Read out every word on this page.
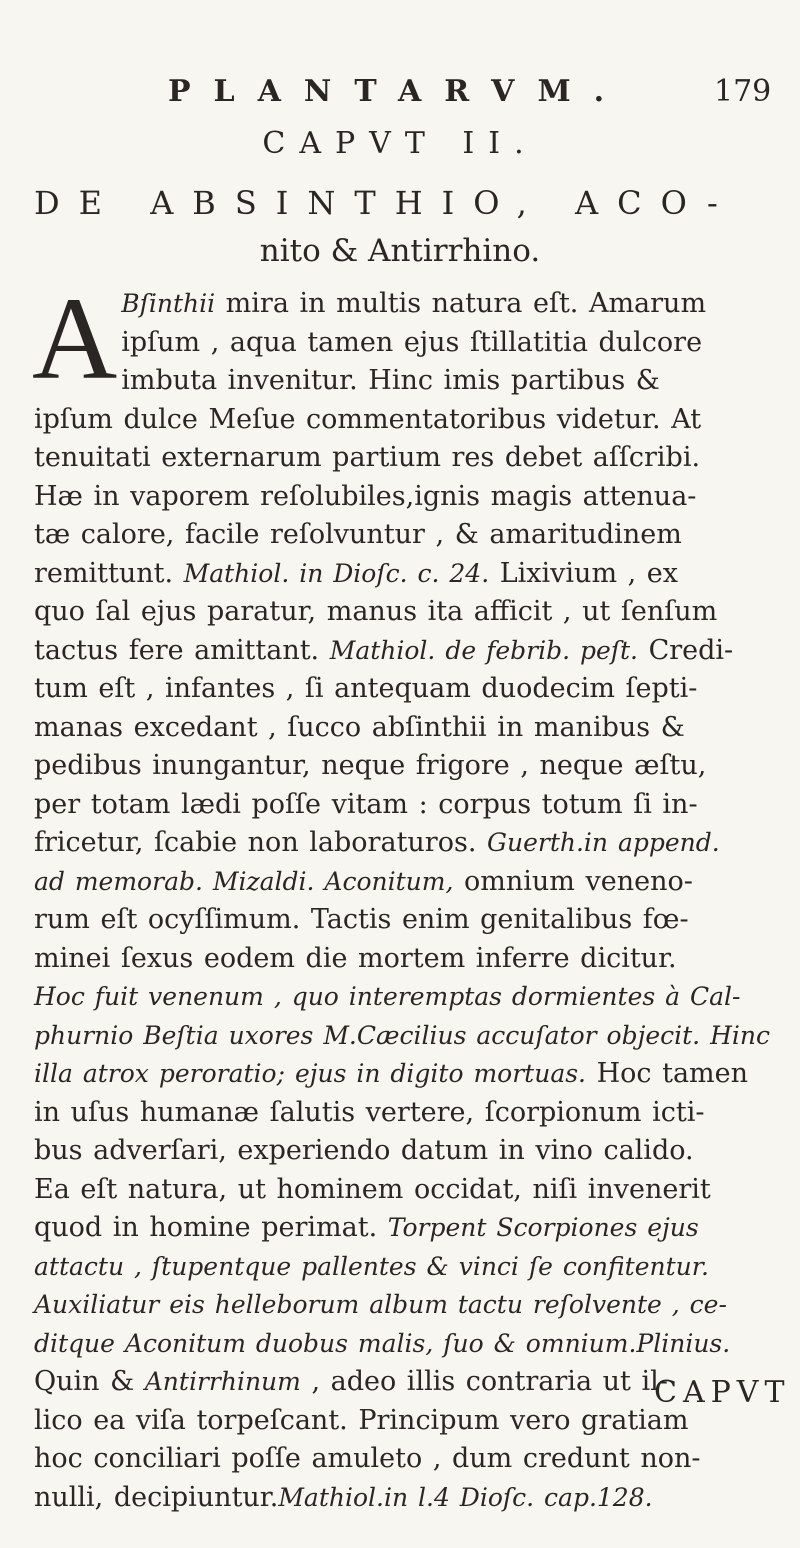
PLANTARVM.	179
CAPVT II.
DE ABSINTHIO, ACO-
nito & Antirrhino.
A Bſinthii mira in multis natura eſt. Amarum
ipſum , aqua tamen ejus ſtillatitia dulcore
imbuta invenitur. Hinc imis partibus &
ipſum dulce Meſue commentatoribus videtur. At
tenuitati externarum partium res debet aſſcribi.
Hæ in vaporem reſolubiles,ignis magis attenua-
tæ calore, facile reſolvuntur , & amaritudinem
remittunt. Mathiol. in Dioſc. c. 24. Lixivium , ex
quo ſal ejus paratur, manus ita afficit , ut ſenſum
tactus fere amittant. Mathiol. de febrib. peſt. Credi-
tum eſt , infantes , ſi antequam duodecim ſepti-
manas excedant , ſucco abſinthii in manibus &
pedibus inungantur, neque frigore , neque æſtu,
per totam lædi poſſe vitam : corpus totum ſi in-
fricetur, ſcabie non laboraturos. Guerth.in append.
ad memorab. Mizaldi. Aconitum, omnium veneno-
rum eſt ocyſſimum. Tactis enim genitalibus fœ-
minei ſexus eodem die mortem inferre dicitur.
Hoc fuit venenum , quo interemptas dormientes à Cal-
phurnio Beſtia uxores M.Cæcilius accuſator objecit. Hinc
illa atrox peroratio; ejus in digito mortuas. Hoc tamen
in uſus humanæ ſalutis vertere, ſcorpionum icti-
bus adverſari, experiendo datum in vino calido.
Ea eſt natura, ut hominem occidat, niſi invenerit
quod in homine perimat. Torpent Scorpiones ejus
attactu , ſtupentque pallentes & vinci ſe confitentur.
Auxiliatur eis helleborum album tactu reſolvente , ce-
ditque Aconitum duobus malis, ſuo & omnium.Plinius.
Quin & Antirrhinum , adeo illis contraria ut il-
lico ea viſa torpeſcant. Principum vero gratiam
hoc conciliari poſſe amuleto , dum credunt non-
nulli, decipiuntur.Mathiol.in l.4 Dioſc. cap.128.
CAPVT
